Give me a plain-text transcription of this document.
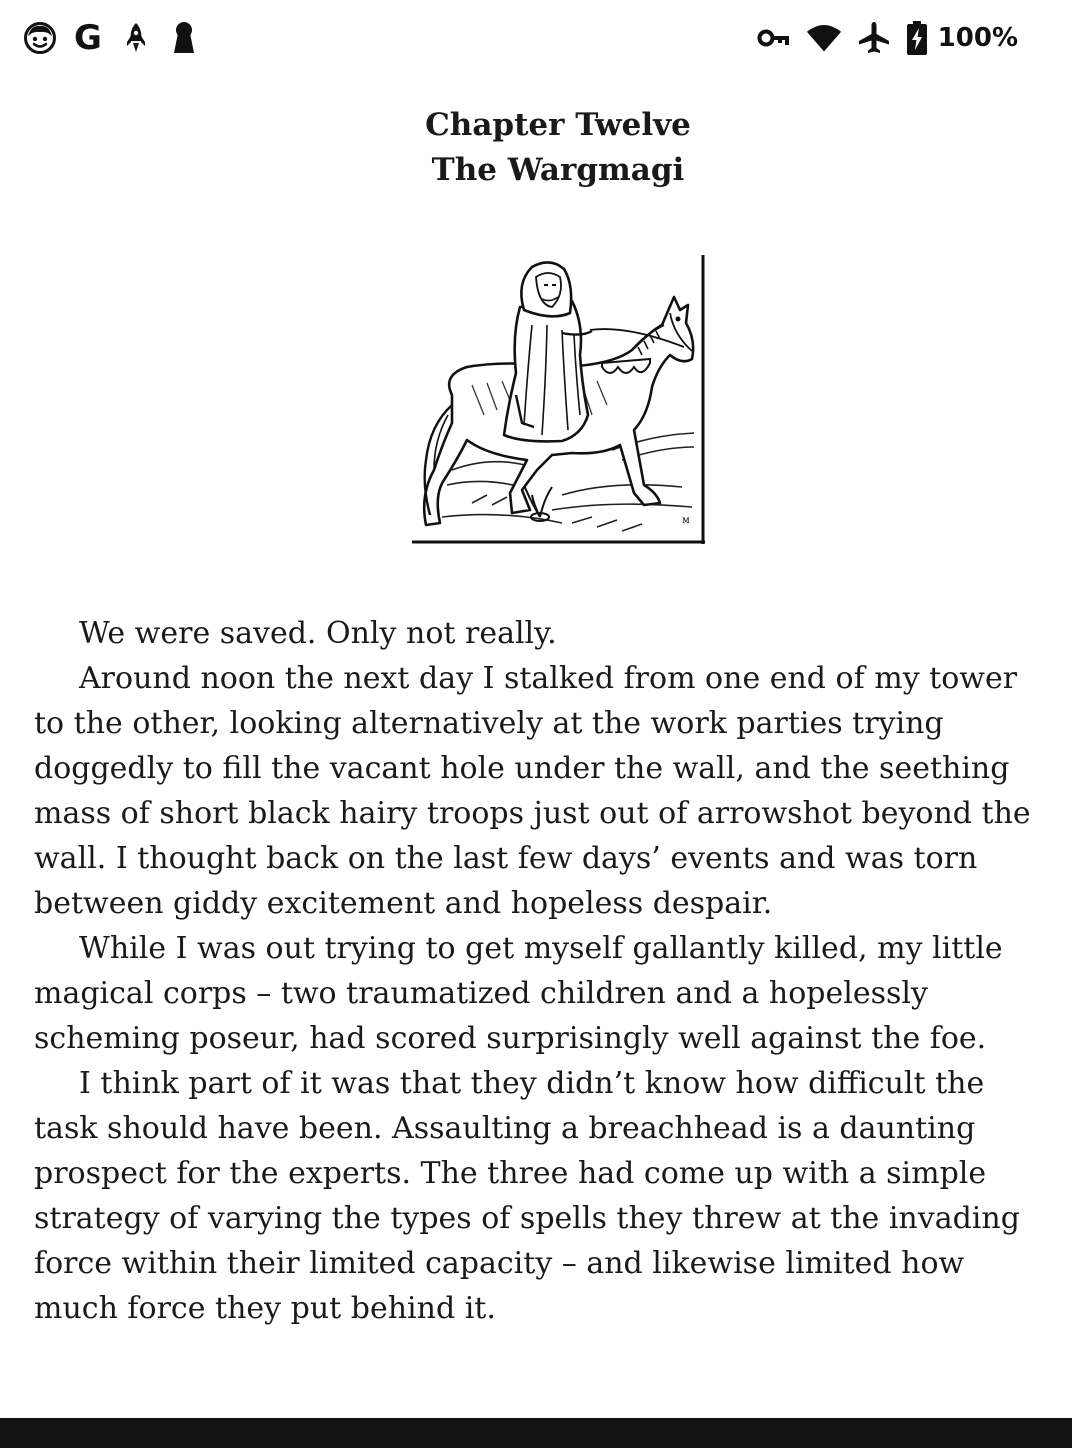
G	100%
Chapter Twelve
The Wargmagi
ᴍ

We were saved. Only not really.

Around noon the next day I stalked from one end of my tower to the other, looking alternatively at the work parties trying doggedly to fill the vacant hole under the wall, and the seething mass of short black hairy troops just out of arrowshot beyond the wall. I thought back on the last few days’ events and was torn between giddy excitement and hopeless despair.

While I was out trying to get myself gallantly killed, my little magical corps – two traumatized children and a hopelessly scheming poseur, had scored surprisingly well against the foe.

I think part of it was that they didn’t know how difficult the task should have been. Assaulting a breachhead is a daunting prospect for the experts. The three had come up with a simple strategy of varying the types of spells they threw at the invading force within their limited capacity – and likewise limited how much force they put behind it.
